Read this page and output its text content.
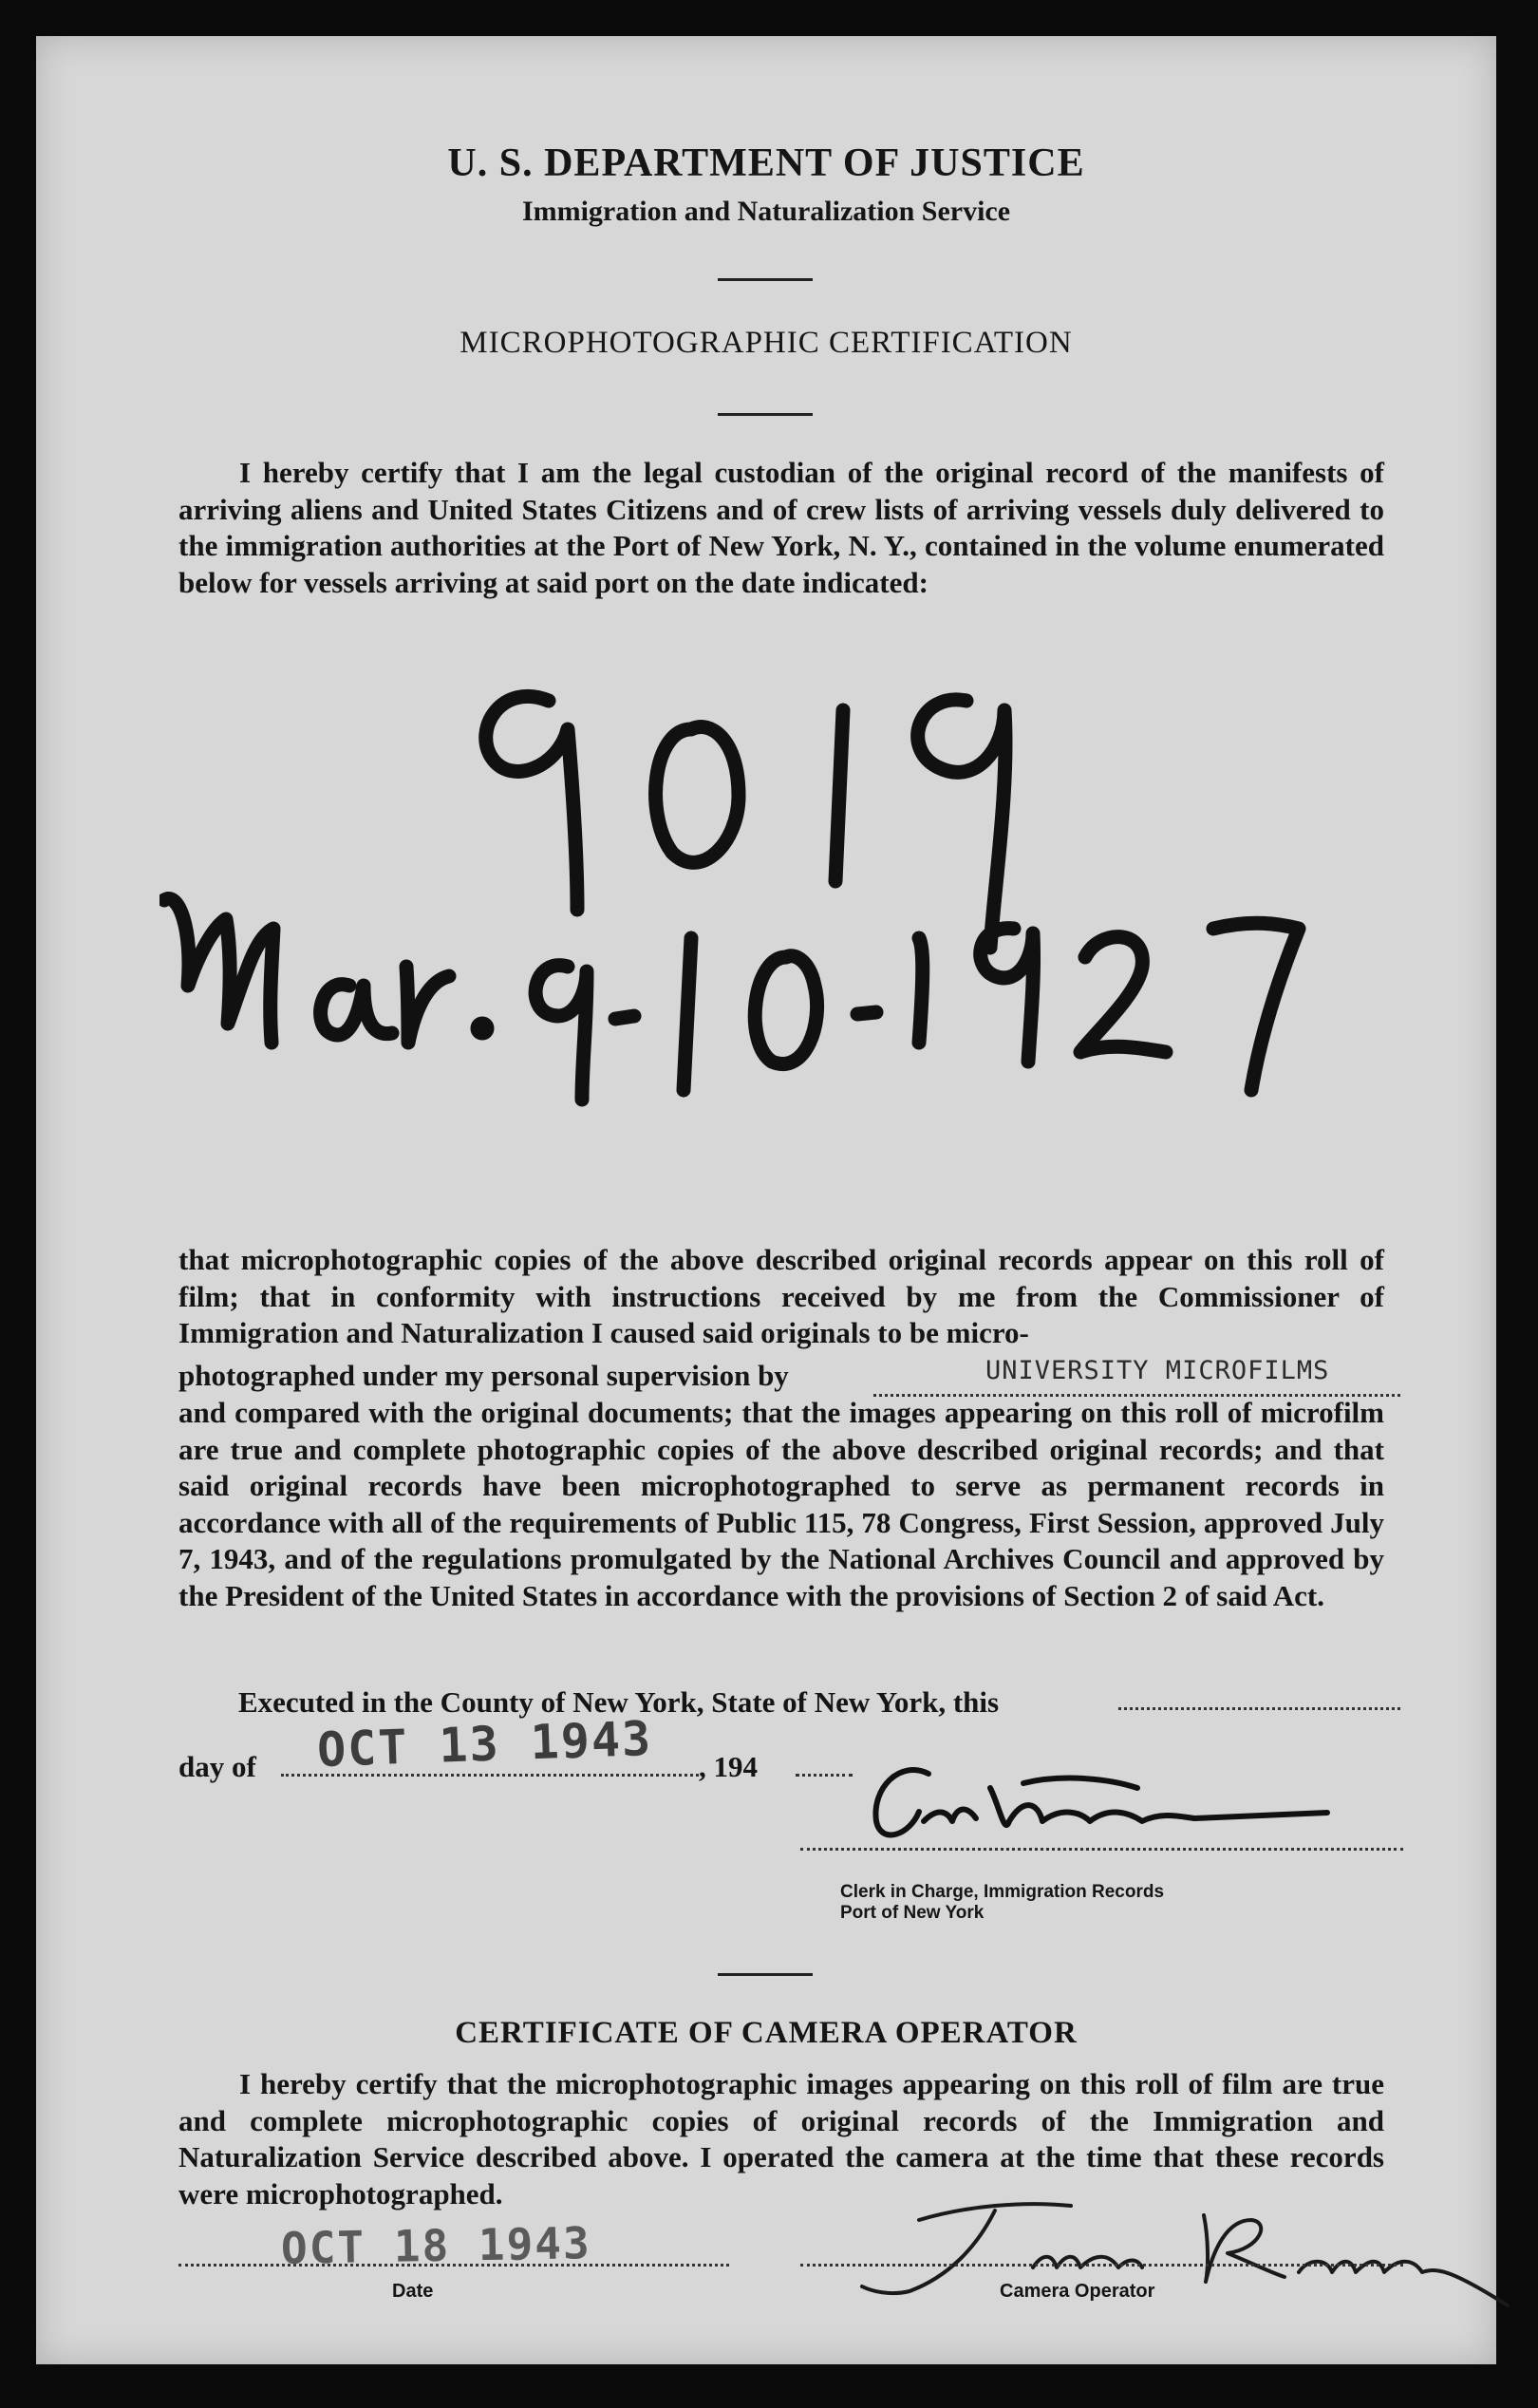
U. S. DEPARTMENT OF JUSTICE
Immigration and Naturalization Service
MICROPHOTOGRAPHIC CERTIFICATION
I hereby certify that I am the legal custodian of the original record of the manifests of arriving aliens and United States Citizens and of crew lists of arriving vessels duly delivered to the immigration authorities at the Port of New York, N. Y., contained in the volume enumerated below for vessels arriving at said port on the date indicated:
that microphotographic copies of the above described original records appear on this roll of film; that in conformity with instructions received by me from the Commissioner of Immigration and Naturalization I caused said originals to be micro-
photographed under my personal supervision by	UNIVERSITY MICROFILMS
and compared with the original documents; that the images appearing on this roll of microfilm are true and complete photographic copies of the above described original records; and that said original records have been microphotographed to serve as permanent records in accordance with all of the requirements of Public 115, 78 Congress, First Session, approved July 7, 1943, and of the regulations promulgated by the National Archives Council and approved by the President of the United States in accordance with the provisions of Section 2 of said Act.
Executed in the County of New York, State of New York, this
day of OCT 13 1943 , 194
Clerk in Charge, Immigration Records
Port of New York
CERTIFICATE OF CAMERA OPERATOR
I hereby certify that the microphotographic images appearing on this roll of film are true and complete microphotographic copies of original records of the Immigration and Naturalization Service described above. I operated the camera at the time that these records were microphotographed.
OCT 18 1943
Date	Camera Operator
